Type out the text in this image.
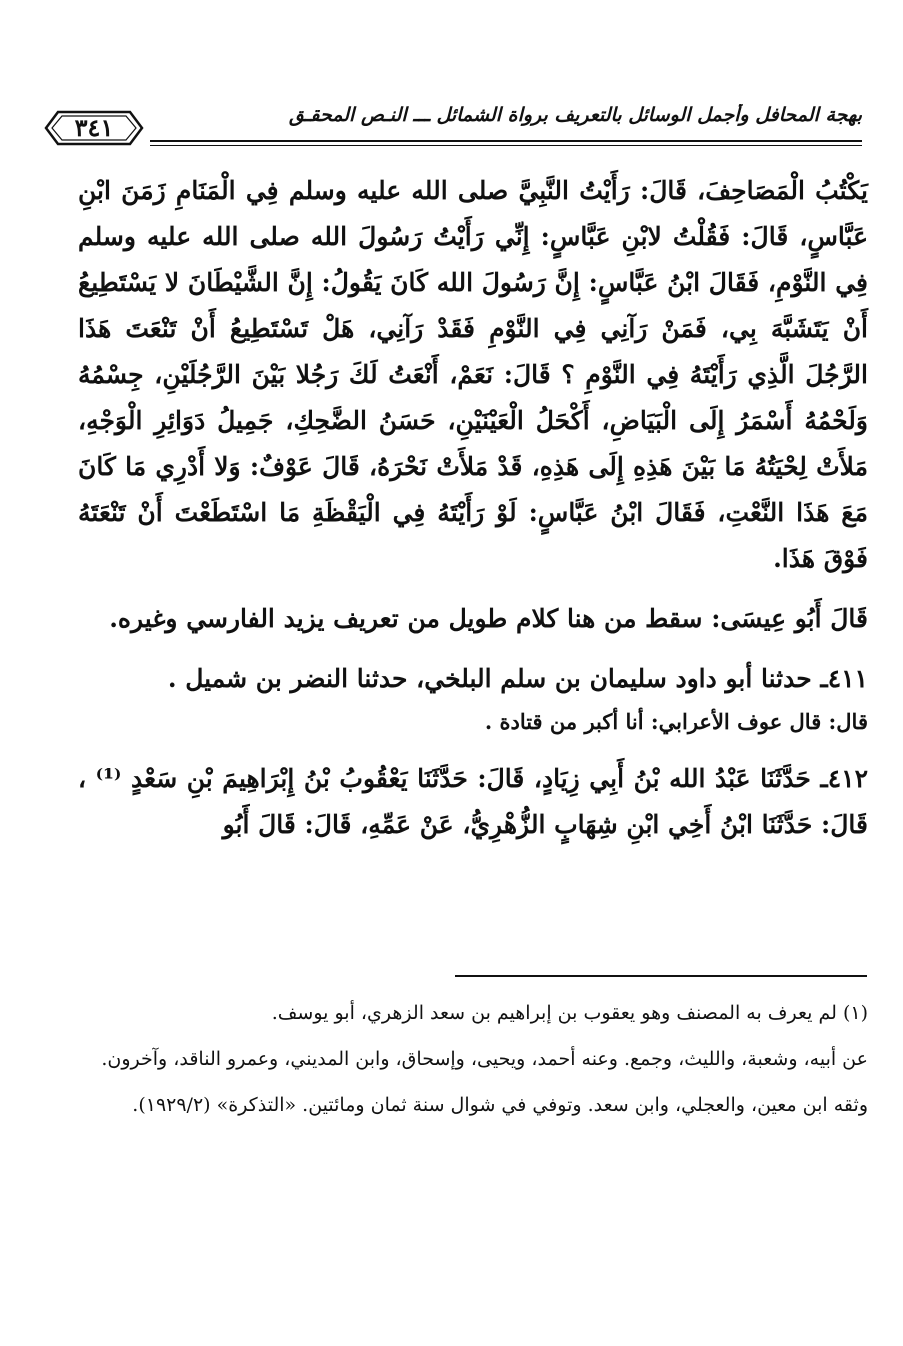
بهجة المحافل وأجمل الوسائل بالتعريف برواة الشمائل ـــ النـص المحقـق
٣٤١

يَكْتُبُ الْمَصَاحِفَ، قَالَ: رَأَيْتُ النَّبِيَّ صلى الله عليه وسلم فِي الْمَنَامِ زَمَنَ ابْنِ عَبَّاسٍ، قَالَ: فَقُلْتُ لابْنِ عَبَّاسٍ: إِنِّي رَأَيْتُ رَسُولَ الله صلى الله عليه وسلم فِي النَّوْمِ، فَقَالَ ابْنُ عَبَّاسٍ: إِنَّ رَسُولَ الله كَانَ يَقُولُ: إِنَّ الشَّيْطَانَ لا يَسْتَطِيعُ أَنْ يَتَشَبَّهَ بِي، فَمَنْ رَآنِي فِي النَّوْمِ فَقَدْ رَآنِي، هَلْ تَسْتَطِيعُ أَنْ تَنْعَتَ هَذَا الرَّجُلَ الَّذِي رَأَيْتَهُ فِي النَّوْمِ ؟ قَالَ: نَعَمْ، أَنْعَتُ لَكَ رَجُلا بَيْنَ الرَّجُلَيْنِ، جِسْمُهُ وَلَحْمُهُ أَسْمَرُ إِلَى الْبَيَاضِ، أَكْحَلُ الْعَيْنَيْنِ، حَسَنُ الضَّحِكِ، جَمِيلُ دَوَائِرِ الْوَجْهِ، مَلأَتْ لِحْيَتُهُ مَا بَيْنَ هَذِهِ إِلَى هَذِهِ، قَدْ مَلأَتْ نَحْرَهُ، قَالَ عَوْفٌ: وَلا أَدْرِي مَا كَانَ مَعَ هَذَا النَّعْتِ، فَقَالَ ابْنُ عَبَّاسٍ: لَوْ رَأَيْتَهُ فِي الْيَقْظَةِ مَا اسْتَطَعْتَ أَنْ تَنْعَتَهُ فَوْقَ هَذَا.

قَالَ أَبُو عِيسَى: سقط من هنا كلام طويل من تعريف يزيد الفارسي وغيره.

٤١١ـ حدثنا أبو داود سليمان بن سلم البلخي، حدثنا النضر بن شميل .

قال: قال عوف الأعرابي: أنا أكبر من قتادة .

٤١٢ـ حَدَّثَنَا عَبْدُ الله بْنُ أَبِي زِيَادٍ، قَالَ: حَدَّثَنَا يَعْقُوبُ بْنُ إِبْرَاهِيمَ بْنِ سَعْدٍ ⁽¹⁾ ، قَالَ: حَدَّثَنَا ابْنُ أَخِي ابْنِ شِهَابٍ الزُّهْرِيُّ، عَنْ عَمِّهِ، قَالَ: قَالَ أَبُو

(١) لم يعرف به المصنف وهو يعقوب بن إبراهيم بن سعد الزهري، أبو يوسف.

عن أبيه، وشعبة، والليث، وجمع. وعنه أحمد، ويحيى، وإسحاق، وابن المديني، وعمرو الناقد، وآخرون.

وثقه ابن معين، والعجلي، وابن سعد. وتوفي في شوال سنة ثمان ومائتين. «التذكرة» (١٩٢٩/٢).
